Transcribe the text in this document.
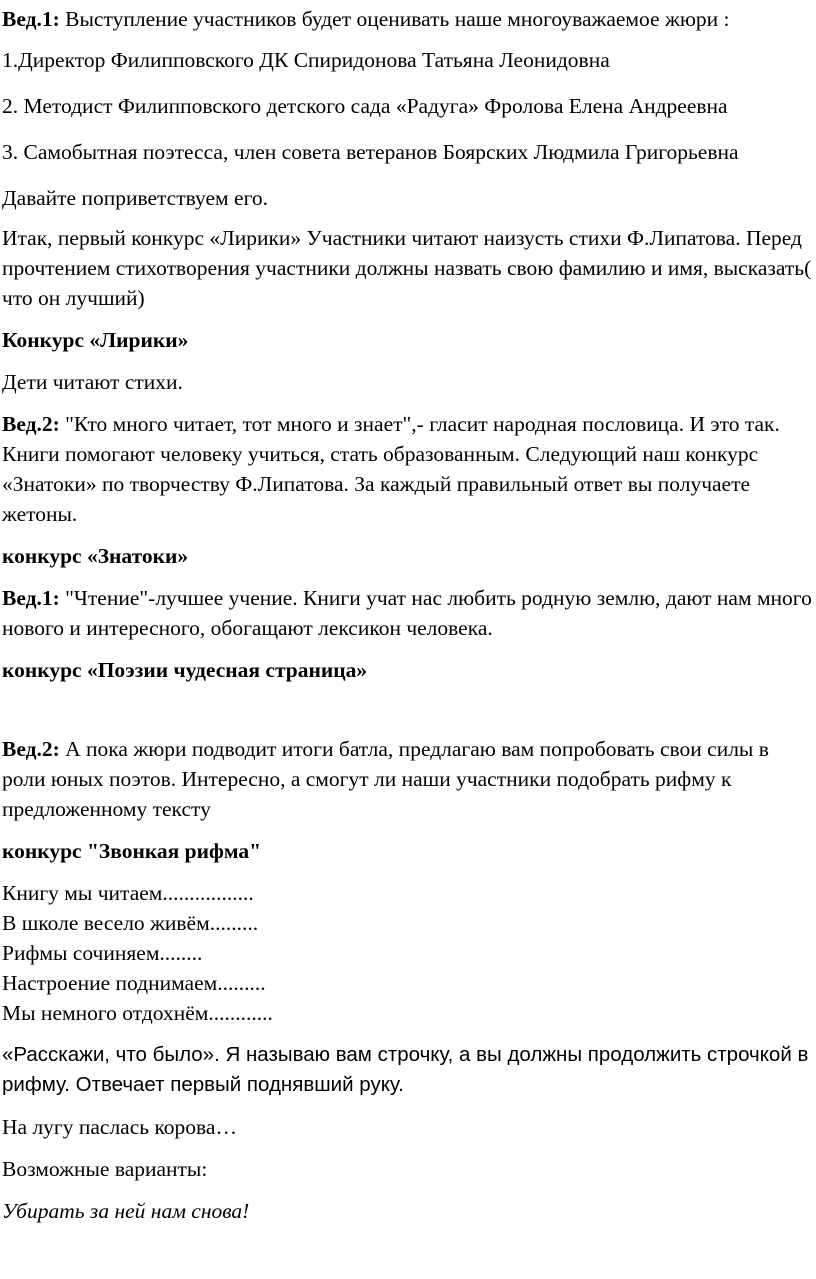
Вед.1: Выступление участников будет оценивать наше многоуважаемое жюри :

1.Директор Филипповского ДК Спиридонова Татьяна Леонидовна

2. Методист Филипповского детского сада «Радуга» Фролова Елена Андреевна

3. Самобытная поэтесса, член совета ветеранов Боярских Людмила Григорьевна

Давайте поприветствуем его.

Итак, первый конкурс «Лирики» Участники читают наизусть стихи Ф.Липатова. Перед прочтением стихотворения участники должны назвать свою фамилию и имя, высказать( что он лучший)

Конкурс «Лирики»

Дети читают стихи.

Вед.2: "Кто много читает, тот много и знает",- гласит народная пословица. И это так. Книги помогают человеку учиться, стать образованным. Следующий наш конкурс «Знатоки» по творчеству Ф.Липатова. За каждый правильный ответ вы получаете жетоны.

конкурс «Знатоки»

Вед.1: "Чтение"-лучшее учение. Книги учат нас любить родную землю, дают нам много нового и интересного, обогащают лексикон человека.

конкурс «Поэзии чудесная страница»

Вед.2: А пока жюри подводит итоги батла, предлагаю вам попробовать свои силы в роли юных поэтов. Интересно, а смогут ли наши участники подобрать рифму к предложенному тексту

конкурс "Звонкая рифма"

Книгу мы читаем.................

В школе весело живём.........

Рифмы сочиняем........

Настроение поднимаем.........

Мы немного отдохнём............

«Расскажи, что было». Я называю вам строчку, а вы должны продолжить строчкой в рифму. Отвечает первый поднявший руку.

На лугу паслась корова…

Возможные варианты:

Убирать за ней нам снова!
